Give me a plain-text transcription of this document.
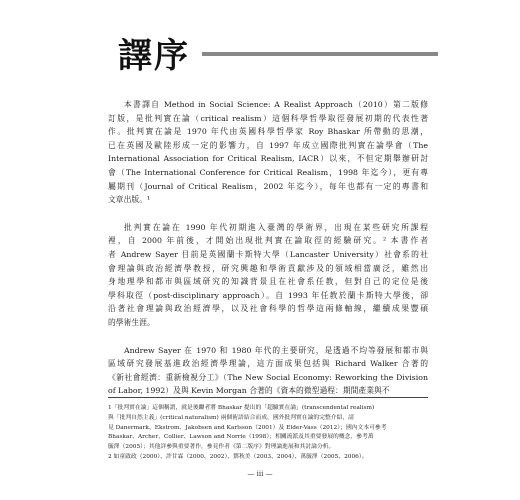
譯序
本書譯自 Method in Social Science: A Realist Approach（2010）第二版修
訂版，是批判實在論（critical realism）這個科學哲學取徑發展初期的代表性著
作。批判實在論是 1970 年代由英國科學哲學家 Roy Bhaskar 所帶動的思潮，
已在英國及歐陸形成一定的影響力，自 1997 年成立國際批判實在論學會（The
International Association for Critical Realism, IACR）以來，不但定期舉辦研討
會（The International Conference for Critical Realism，1998 年迄今），更有專
屬期刊（Journal of Critical Realism，2002 年迄今），每年也都有一定的專書和
文章出版。¹
批判實在論在 1990 年代初期進入臺灣的學術界，出現在某些研究所課程
裡，自 2000 年前後，才開始出現批判實在論取徑的經驗研究。² 本書作者
者 Andrew Sayer 目前是英國蘭卡斯特大學（Lancaster University）社會系的社
會理論與政治經濟學教授，研究興趣和學術貢獻涉及的領域相當廣泛，雖然出
身地理學和都市與區域研究的知識背景且在社會系任教，但對自己的定位是後
學科取徑（post-disciplinary approach）。自 1993 年任教於蘭卡斯特大學後，卻
沿著社會理論與政治經濟學，以及社會科學的哲學這兩條軸線，繼續成果豐碩
的學術生涯。
Andrew Sayer 在 1970 和 1980 年代的主要研究，是透過不均等發展和都市與
區域研究發展基進政治經濟學理論，這方面成果包括與 Richard Walker 合著的
《新社會經濟：重新檢視分工》（The New Social Economy: Reworking the Division
of Labor, 1992）及與 Kevin Morgan 合著的《資本的微型過程：期間產業與不
1「批判實在論」這個稱謂，就是後繼者將 Bhaskar 提出的「超驗實在論」(transcendental realism)
與「批判自然主義」(critical naturalism) 兩個術語結合而成，國外批判實在論的完整介紹，請
見 Danermark、Ekstrom、Jakobsen and Karlsson（2001）及 Elder-Vass（2012）；國內文本可參考
Bhaskar、Archer、Collier、Lawson and Norrie（1998）；相關流派及其重要發展的概念，參考萬
毓澤（2005）；其他詳參與重要著作，參見作者《第二版序》對理論進展和其討論分析。
2 如童啟政（2000）、許甘霖（2000、2002）、鄧秋美（2003、2004）、萬毓澤（2005、2006）。
— iii —
